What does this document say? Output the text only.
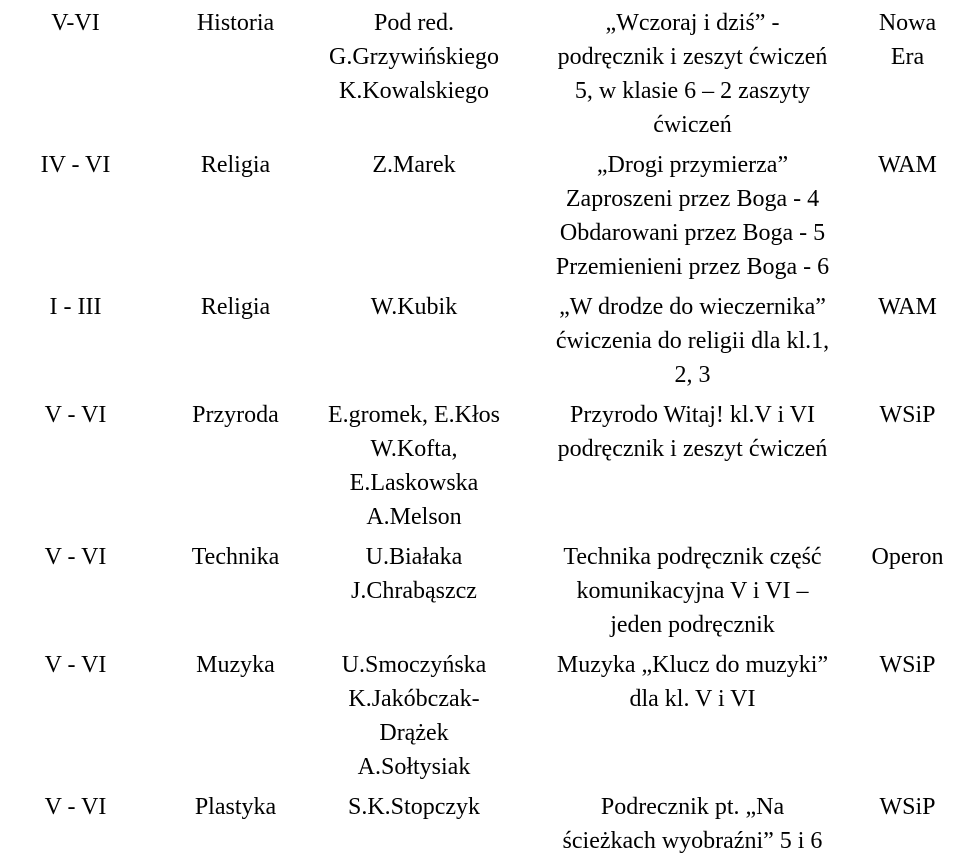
V-VI	Historia	Pod red.
G.Grzywińskiego
K.Kowalskiego	„Wczoraj i dziś” -
podręcznik i zeszyt ćwiczeń
5, w klasie 6 – 2 zaszyty
ćwiczeń	Nowa
Era

IV - VI	Religia	Z.Marek	„Drogi przymierza”
Zaproszeni przez Boga - 4
Obdarowani przez Boga - 5
Przemienieni przez Boga - 6	WAM

I - III	Religia	W.Kubik	„W drodze do wieczernika”
ćwiczenia do religii dla kl.1,
2, 3	WAM

V - VI	Przyroda	E.gromek, E.Kłos
W.Kofta,
E.Laskowska
A.Melson	Przyrodo Witaj! kl.V i VI
podręcznik i zeszyt ćwiczeń	WSiP

V - VI	Technika	U.Białaka
J.Chrabąszcz	Technika podręcznik część
komunikacyjna V i VI –
jeden podręcznik	Operon

V - VI	Muzyka	U.Smoczyńska
K.Jakóbczak-
Drążek
A.Sołtysiak	Muzyka „Klucz do muzyki”
dla kl. V i VI	WSiP

V - VI	Plastyka	S.K.Stopczyk	Podrecznik pt. „Na
ścieżkach wyobraźni” 5 i 6	WSiP
